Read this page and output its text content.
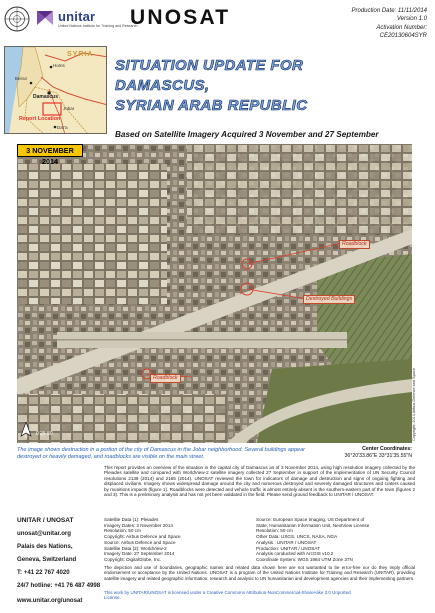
unitar
United Nations Institute for Training and Research
UNOSAT	Production Date: 11/11/2014
Version 1.0
Activation Number:
CE20130604SYR
SYRIA
Homs
Beirut
Damascus
Jobar
Report Location
Dar'a
SITUATION UPDATE FOR
DAMASCUS,
SYRIAN ARAB REPUBLIC
Based on Satellite Imagery Acquired 3 November and 27 September
3 NOVEMBER 2014
Roadblock
Destroyed Buildings
Roadblock
N 0 25 50	Copyright: 2014 Airbus Defence and Space
The image shows destruction in a portion of the city of Damascus in the Jobar neighborhood. Several buildings appear destroyed or heavily damaged, and roadblocks are visible on the main street.
Center Coordinates:
36°20'33.86"E 33°31'35.55"N
This report provides an overview of the situation in the capital city of Damascus as of 3 November 2014, using high resolution imagery collected by the Pleiades satellite and compared with WorldView-2 satellite imagery collected 27 September in support of the implementation of UN Security Council resolutions 2139 (2014) and 2165 (2014). UNOSAT reviewed the town for indicators of damage and destruction and signs of ongoing fighting and displaced civilians. Imagery shows widespread damage around the city and numerous destroyed and severely damaged structures and craters caused by munitions impacts (figure 1). Roadblocks were detected and vehicle traffic is almost entirely absent in the southern-eastern part of the town (figures 2 and 3). This is a preliminary analysis and has not yet been validated in the field. Please send ground feedback to UNITAR / UNOSAT.
UNITAR / UNOSAT
unosat@unitar.org
Palais des Nations,
Geneva, Switzerland
T: +41 22 767 4020
24/7 hotline: +41 76 487 4998
www.unitar.org/unosat
Satellite Data (1): Pleiades
Imagery Dates: 3 November 2014
Resolution: 50 cm
Copyright: Airbus Defence and Space
Source: Airbus Defence and Space
Satellite Data (2): WorldView-2
Imagery Date: 27 September 2014
Copyright: DigitalGlobe, Inc.
Source: European Space Imaging, US Department of
State, Humanitarian Information Unit, NextView License
Resolution: 50 cm
Other Data: USGS, UNCS, NASA, NGA
Analysis : UNITAR / UNOSAT
Production: UNITAR / UNOSAT
Analysis conducted with ArcGIS v10.2
Coordinate System: WGS 1984 UTM Zone 37N
The depiction and use of boundaries, geographic names and related data shown here are not warranted to be error-free nor do they imply official endorsement or acceptance by the United Nations. UNOSAT is a program of the United Nations Institute for Training and Research (UNITAR), providing satellite imagery and related geographic information, research and analysis to UN humanitarian and development agencies and their implementing partners.
This work by UNITAR/UNOSAT is licensed under a Creative Commons Attribution-NonCommercial-ShareAlike 3.0 Unported License.
